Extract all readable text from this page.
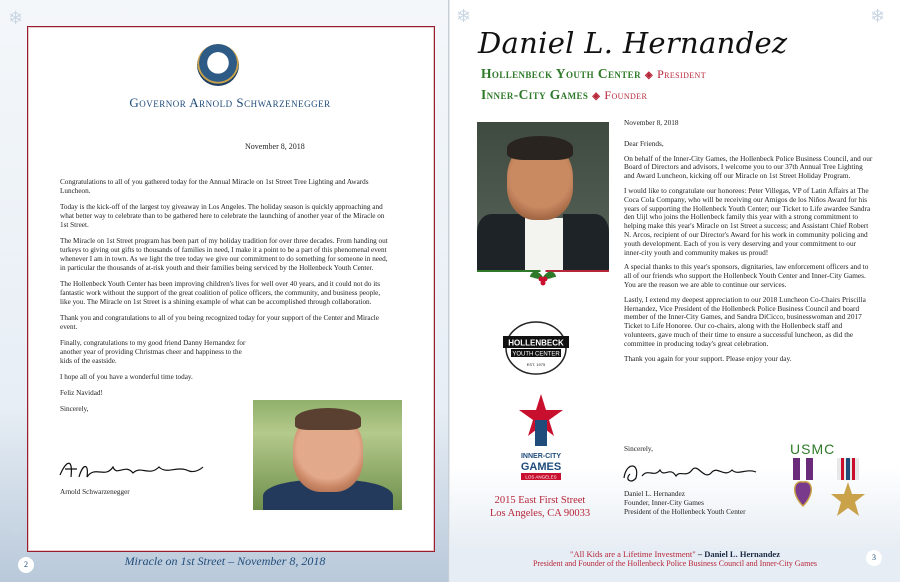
❄
❄
Governor Arnold Schwarzenegger
November 8, 2018

Congratulations to all of you gathered today for the Annual Miracle on 1st Street Tree Lighting and Awards Luncheon.

Today is the kick-off of the largest toy giveaway in Los Angeles. The holiday season is quickly approaching and what better way to celebrate than to be gathered here to celebrate the launching of another year of the Miracle on 1st Street.

The Miracle on 1st Street program has been part of my holiday tradition for over three decades. From handing out turkeys to giving out gifts to thousands of families in need, I make it a point to be a part of this phenomenal event whenever I am in town. As we light the tree today we give our commitment to do something for someone in need, in particular the thousands of at-risk youth and their families being serviced by the Hollenbeck Youth Center.

The Hollenbeck Youth Center has been improving children's lives for well over 40 years, and it could not do its fantastic work without the support of the great coalition of police officers, the community, and business people, like you. The Miracle on 1st Street is a shining example of what can be accomplished through collaboration.

Thank you and congratulations to all of you being recognized today for your support of the Center and Miracle event.

Finally, congratulations to my good friend Danny Hernandez for another year of providing Christmas cheer and happiness to the kids of the eastside.

I hope all of you have a wonderful time today.

Feliz Navidad!

Sincerely,

Arnold Schwarzenegger
Miracle on 1st Street – November 8, 2018
2
❄
❄
Daniel L. Hernandez
Hollenbeck Youth Center ◈ President
Inner-City Games ◈ Founder

November 8, 2018

Dear Friends,

On behalf of the Inner-City Games, the Hollenbeck Police Business Council, and our Board of Directors and advisors, I welcome you to our 37th Annual Tree Lighting and Award Luncheon, kicking off our Miracle on 1st Street Holiday Program.

I would like to congratulate our honorees: Peter Villegas, VP of Latin Affairs at The Coca Cola Company, who will be receiving our Amigos de los Niños Award for his years of supporting the Hollenbeck Youth Center; our Ticket to Life awardee Sandra den Uijl who joins the Hollenbeck family this year with a strong commitment to helping make this year's Miracle on 1st Street a success; and Assistant Chief Robert N. Arcos, recipient of our Director's Award for his work in community policing and youth development. Each of you is very deserving and your commitment to our inner-city youth and community makes us proud!

A special thanks to this year's sponsors, dignitaries, law enforcement officers and to all of our friends who support the Hollenbeck Youth Center and Inner-City Games. You are the reason we are able to continue our services.

Lastly, I extend my deepest appreciation to our 2018 Luncheon Co-Chairs Priscilla Hernandez, Vice President of the Hollenbeck Police Business Council and board member of the Inner-City Games, and Sandra DiCicco, businesswoman and 2017 Ticket to Life Honoree. Our co-chairs, along with the Hollenbeck staff and volunteers, gave much of their time to ensure a successful luncheon, as did the committee in producing today's great celebration.

Thank you again for your support. Please enjoy your day.

HOLLENBECK
YOUTH CENTER
EST. 1975
INNER-CITY
GAMES
LOS ANGELES
2015 East First Street
Los Angeles, CA 90033
Sincerely,
Daniel L. Hernandez
Founder, Inner-City Games
President of the Hollenbeck Youth Center
USMC
"All Kids are a Lifetime Investment" – Daniel L. Hernandez
President and Founder of the Hollenbeck Police Business Council and Inner-City Games
3
